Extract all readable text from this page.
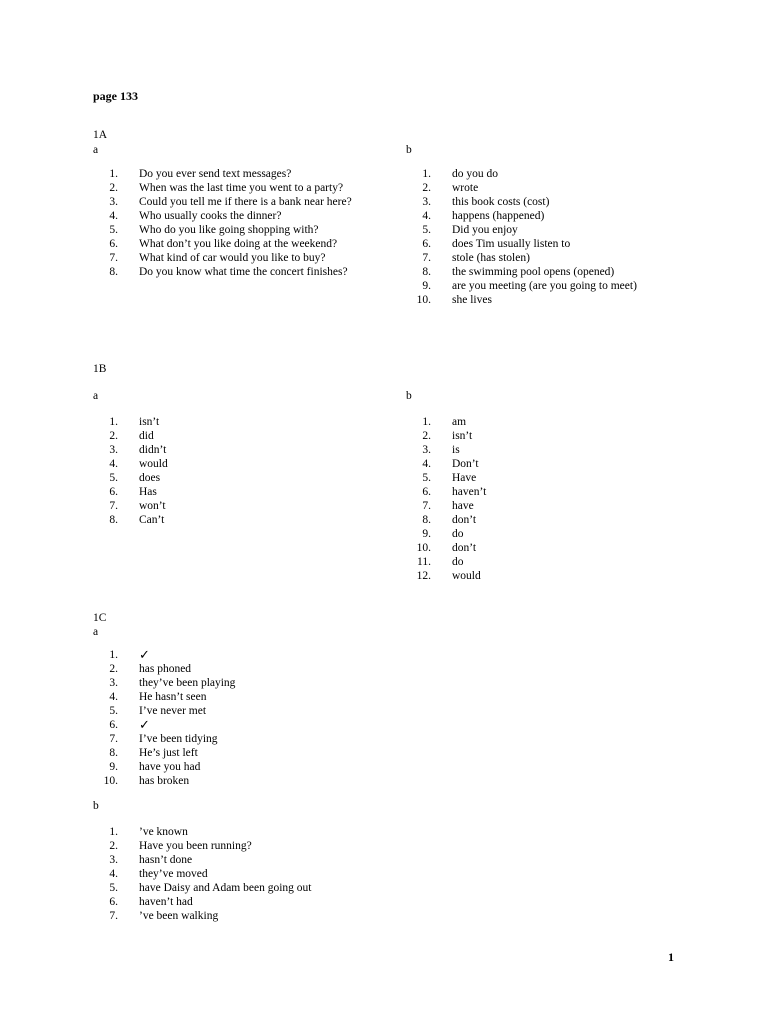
page 133
1A
a	b
1.	Do you ever send text messages?
2.	When was the last time you went to a party?
3.	Could you tell me if there is a bank near here?
4.	Who usually cooks the dinner?
5.	Who do you like going shopping with?
6.	What don’t you like doing at the weekend?
7.	What kind of car would you like to buy?
8.	Do you know what time the concert finishes?
1.	do you do
2.	wrote
3.	this book costs (cost)
4.	happens (happened)
5.	Did you enjoy
6.	does Tim usually listen to
7.	stole (has stolen)
8.	the swimming pool opens (opened)
9.	are you meeting (are you going to meet)
10.	she lives
1B
a	b
1.	isn’t
2.	did
3.	didn’t
4.	would
5.	does
6.	Has
7.	won’t
8.	Can’t
1.	am
2.	isn’t
3.	is
4.	Don’t
5.	Have
6.	haven’t
7.	have
8.	don’t
9.	do
10.	don’t
11.	do
12.	would
1C
a
1.	✓
2.	has phoned
3.	they’ve been playing
4.	He hasn’t seen
5.	I’ve never met
6.	✓
7.	I’ve been tidying
8.	He’s just left
9.	have you had
10.	has broken
b
1.	’ve known
2.	Have you been running?
3.	hasn’t done
4.	they’ve moved
5.	have Daisy and Adam been going out
6.	haven’t had
7.	’ve been walking
1
